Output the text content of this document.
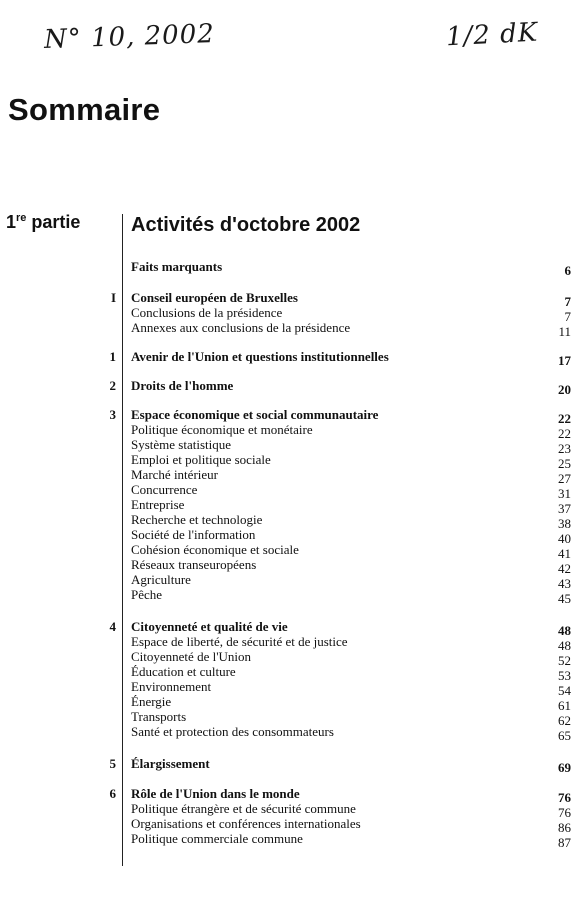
N° 10, 2002	1/2 dK
Sommaire
1re partie	Activités d'octobre 2002
Faits marquants	6
I Conseil européen de Bruxelles	7
Conclusions de la présidence	7
Annexes aux conclusions de la présidence	11
1 Avenir de l'Union et questions institutionnelles	17
2 Droits de l'homme	20
3 Espace économique et social communautaire	22
Politique économique et monétaire	22
Système statistique	23
Emploi et politique sociale	25
Marché intérieur	27
Concurrence	31
Entreprise	37
Recherche et technologie	38
Société de l'information	40
Cohésion économique et sociale	41
Réseaux transeuropéens	42
Agriculture	43
Pêche	45
4 Citoyenneté et qualité de vie	48
Espace de liberté, de sécurité et de justice	48
Citoyenneté de l'Union	52
Éducation et culture	53
Environnement	54
Énergie	61
Transports	62
Santé et protection des consommateurs	65
5 Élargissement	69
6 Rôle de l'Union dans le monde	76
Politique étrangère et de sécurité commune	76
Organisations et conférences internationales	86
Politique commerciale commune	87
